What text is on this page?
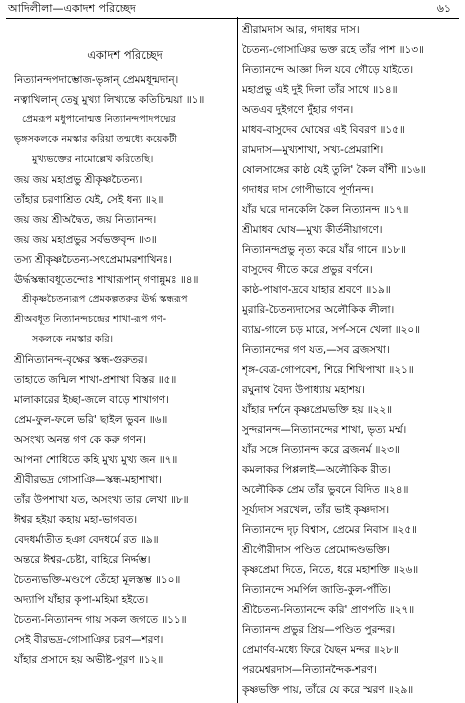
আদিলীলা—একাদশ পরিচ্ছেদ	৬১
একাদশ পরিচ্ছেদ
নিত্যানন্দপদাম্ভোজ-ভৃঙ্গান্ প্রেমমধূন্মদান্।
নত্বাখিলান্ তেষু মুখ্যা লিখ্যন্তে কতিচিন্ময়া ॥১॥
প্রেমরূপ মধুপানোন্মত্ত নিত্যানন্দপাদপদ্মের
ভৃঙ্গসকলকে নমস্কার করিয়া তন্মধ্যে কয়েকটী
মুখ্যভক্তের নামোল্লেখ করিতেছি।
জয় জয় মহাপ্রভু শ্রীকৃষ্ণচৈতন্য।
তাঁহার চরণাশ্রিত যেই, সেই ধন্য ॥২॥
জয় জয় শ্রীঅদ্বৈত, জয় নিত্যানন্দ।
জয় জয় মহাপ্রভুর সর্বভক্তবৃন্দ ॥৩॥
তস্য শ্রীকৃষ্ণচৈতন্য-সৎপ্রেমামরশাখিনঃ।
ঊর্দ্ধস্কন্ধাবধূতেন্দোঃ শাখারূপান্ গণান্নুমঃ ॥৪॥
শ্রীকৃষ্ণচৈতন্যরূপ প্রেমকল্পতরুর ঊর্দ্ধ স্কন্ধরূপ
শ্রীঅবধূত নিত্যানন্দচন্দ্রের শাখা-রূপ গণ-
সকলকে নমস্কার করি।
শ্রীনিত্যানন্দ-বৃক্ষের স্কন্ধ-গুরুতর।
তাহাতে জন্মিল শাখা-প্রশাখা বিস্তর ॥৫॥
মালাকারের ইচ্ছা-জলে বাড়ে শাখাগণ।
প্রেম-ফুল-ফলে ভরি' ছাইল ভুবন ॥৬॥
অসংখ্য অনন্ত গণ কে করু গণন।
আপনা শোধিতে কহি মুখ্য মুখ্য জন ॥৭॥
শ্রীবীরভদ্র গোসাঞি—স্কন্ধ-মহাশাখা।
তাঁর উপশাখা যত, অসংখ্য তার লেখা ॥৮॥
ঈশ্বর হইয়া কহায় মহা-ভাগবত।
বেদধর্মাতীত হঞা বেদধর্মে রত ॥৯॥
অন্তরে ঈশ্বর-চেষ্টা, বাহিরে নির্দ্দম্ভ।
চৈতন্যভক্তি-মণ্ডপে তেঁহো মূলস্তম্ভ ॥১০॥
অদ্যাপি যাঁহার কৃপা-মহিমা হইতে।
চৈতন্য-নিত্যানন্দ গায় সকল জগতে ॥১১॥
সেই বীরভদ্র-গোসাঞির চরণ—শরণ।
যাঁহার প্রসাদে হয় অভীষ্ট-পূরণ ॥১২॥
শ্রীরামদাস আর, গদাধর দাস।
চৈতন্য-গোসাঞির ভক্ত রহে তাঁর পাশ ॥১৩॥
নিত্যানন্দে আজ্ঞা দিল যবে গৌড়ে যাইতে।
মহাপ্রভু এই দুই দিলা তাঁর সাথে ॥১৪॥
অতএব দুইগণে দুঁহার গণন।
মাধব-বাসুদেব ঘোষের এই বিবরণ ॥১৫॥
রামদাস—মুখ্যশাখা, সখ্য-প্রেমরাশি।
ষোলসাঙ্গের কাষ্ঠ যেই তুলি' কৈল বাঁশী ॥১৬॥
গদাধর দাস গোপীভাবে পূর্ণানন্দ।
যাঁর ঘরে দানকেলি কৈল নিত্যানন্দ ॥১৭॥
শ্রীমাধব ঘোষ—মুখ্য কীর্তনীয়াগণে।
নিত্যানন্দপ্রভু নৃত্য করে যাঁর গানে ॥১৮॥
বাসুদেব গীতে করে প্রভুর বর্ণনে।
কাষ্ঠ-পাষাণ-দ্রবে যাহার শ্রবণে ॥১৯॥
মুরারি-চৈতন্যদাসের অলৌকিক লীলা।
ব্যাঘ্র-গালে চড় মারে, সর্প-সনে খেলা ॥২০॥
নিত্যানন্দের গণ যত,—সব ব্রজসখা।
শৃঙ্গ-বেত্র-গোপবেশ, শিরে শিখিপাখা ॥২১॥
রঘুনাথ বৈদ্য উপাধ্যায় মহাশয়।
যাঁহার দর্শনে কৃষ্ণপ্রেমভক্তি হয় ॥২২॥
সুন্দরানন্দ—নিত্যানন্দের শাখা, ভৃত্য মর্ম্ম।
যাঁর সঙ্গে নিত্যানন্দ করে ব্রজনর্ম ॥২৩॥
কমলাকর পিপ্পলাই—অলৌকিক রীত।
অলৌকিক প্রেম তাঁর ভুবনে বিদিত ॥২৪॥
সূর্য্যদাস সরখেল, তাঁর ভাই কৃষ্ণদাস।
নিত্যানন্দে দৃঢ় বিশ্বাস, প্রেমের নিবাস ॥২৫॥
শ্রীগৌরীদাস পণ্ডিত প্রেমোদ্দণ্ডভক্তি।
কৃষ্ণপ্রেমা দিতে, নিতে, ধরে মহাশক্তি ॥২৬॥
নিত্যানন্দে সমর্পিল জাতি-কুল-পাঁতি।
শ্রীচৈতন্য-নিত্যানন্দে করি' প্রাণপতি ॥২৭॥
নিত্যানন্দ প্রভুর প্রিয়—পণ্ডিত পুরন্দর।
প্রেমার্ণব-মধ্যে ফিরে যৈছন মন্দর ॥২৮॥
পরমেশ্বরদাস—নিত্যানন্দৈক-শরণ।
কৃষ্ণভক্তি পায়, তাঁরে যে করে স্মরণ ॥২৯॥
